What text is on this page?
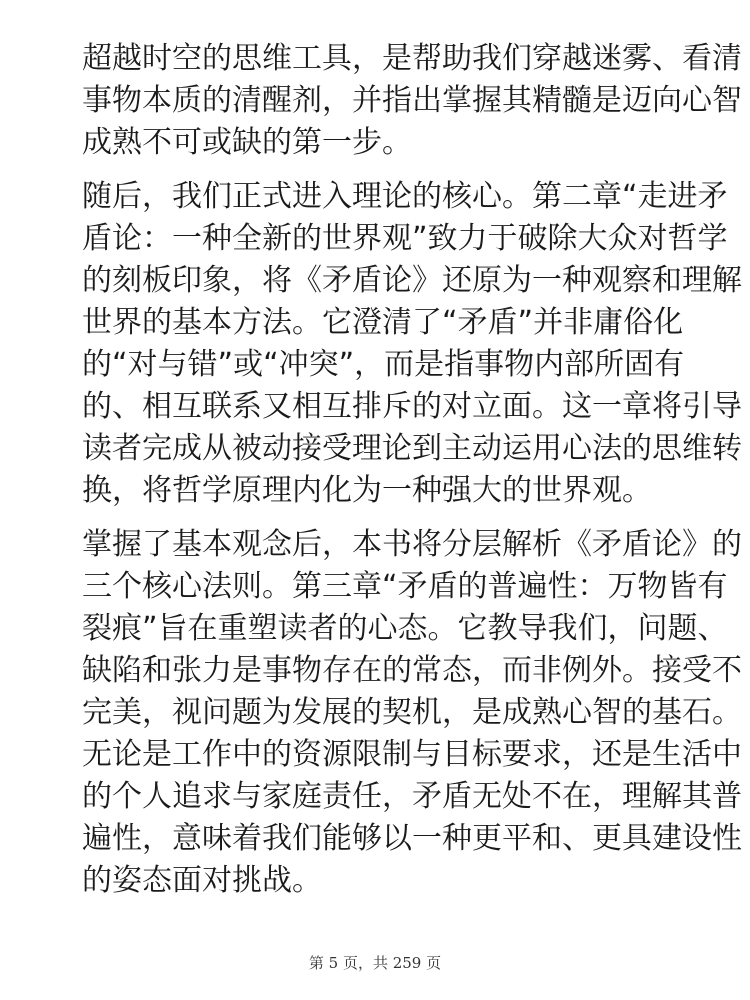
超越时空的思维工具，是帮助我们穿越迷雾、看清
事物本质的清醒剂，并指出掌握其精髓是迈向心智
成熟不可或缺的第一步。

随后，我们正式进入理论的核心。第二章“走进矛
盾论：一种全新的世界观”致力于破除大众对哲学
的刻板印象，将《矛盾论》还原为一种观察和理解
世界的基本方法。它澄清了“矛盾”并非庸俗化
的“对与错”或“冲突”，而是指事物内部所固有
的、相互联系又相互排斥的对立面。这一章将引导
读者完成从被动接受理论到主动运用心法的思维转
换，将哲学原理内化为一种强大的世界观。

掌握了基本观念后，本书将分层解析《矛盾论》的
三个核心法则。第三章“矛盾的普遍性：万物皆有
裂痕”旨在重塑读者的心态。它教导我们，问题、
缺陷和张力是事物存在的常态，而非例外。接受不
完美，视问题为发展的契机，是成熟心智的基石。
无论是工作中的资源限制与目标要求，还是生活中
的个人追求与家庭责任，矛盾无处不在，理解其普
遍性，意味着我们能够以一种更平和、更具建设性
的姿态面对挑战。

第 5 页，共 259 页
